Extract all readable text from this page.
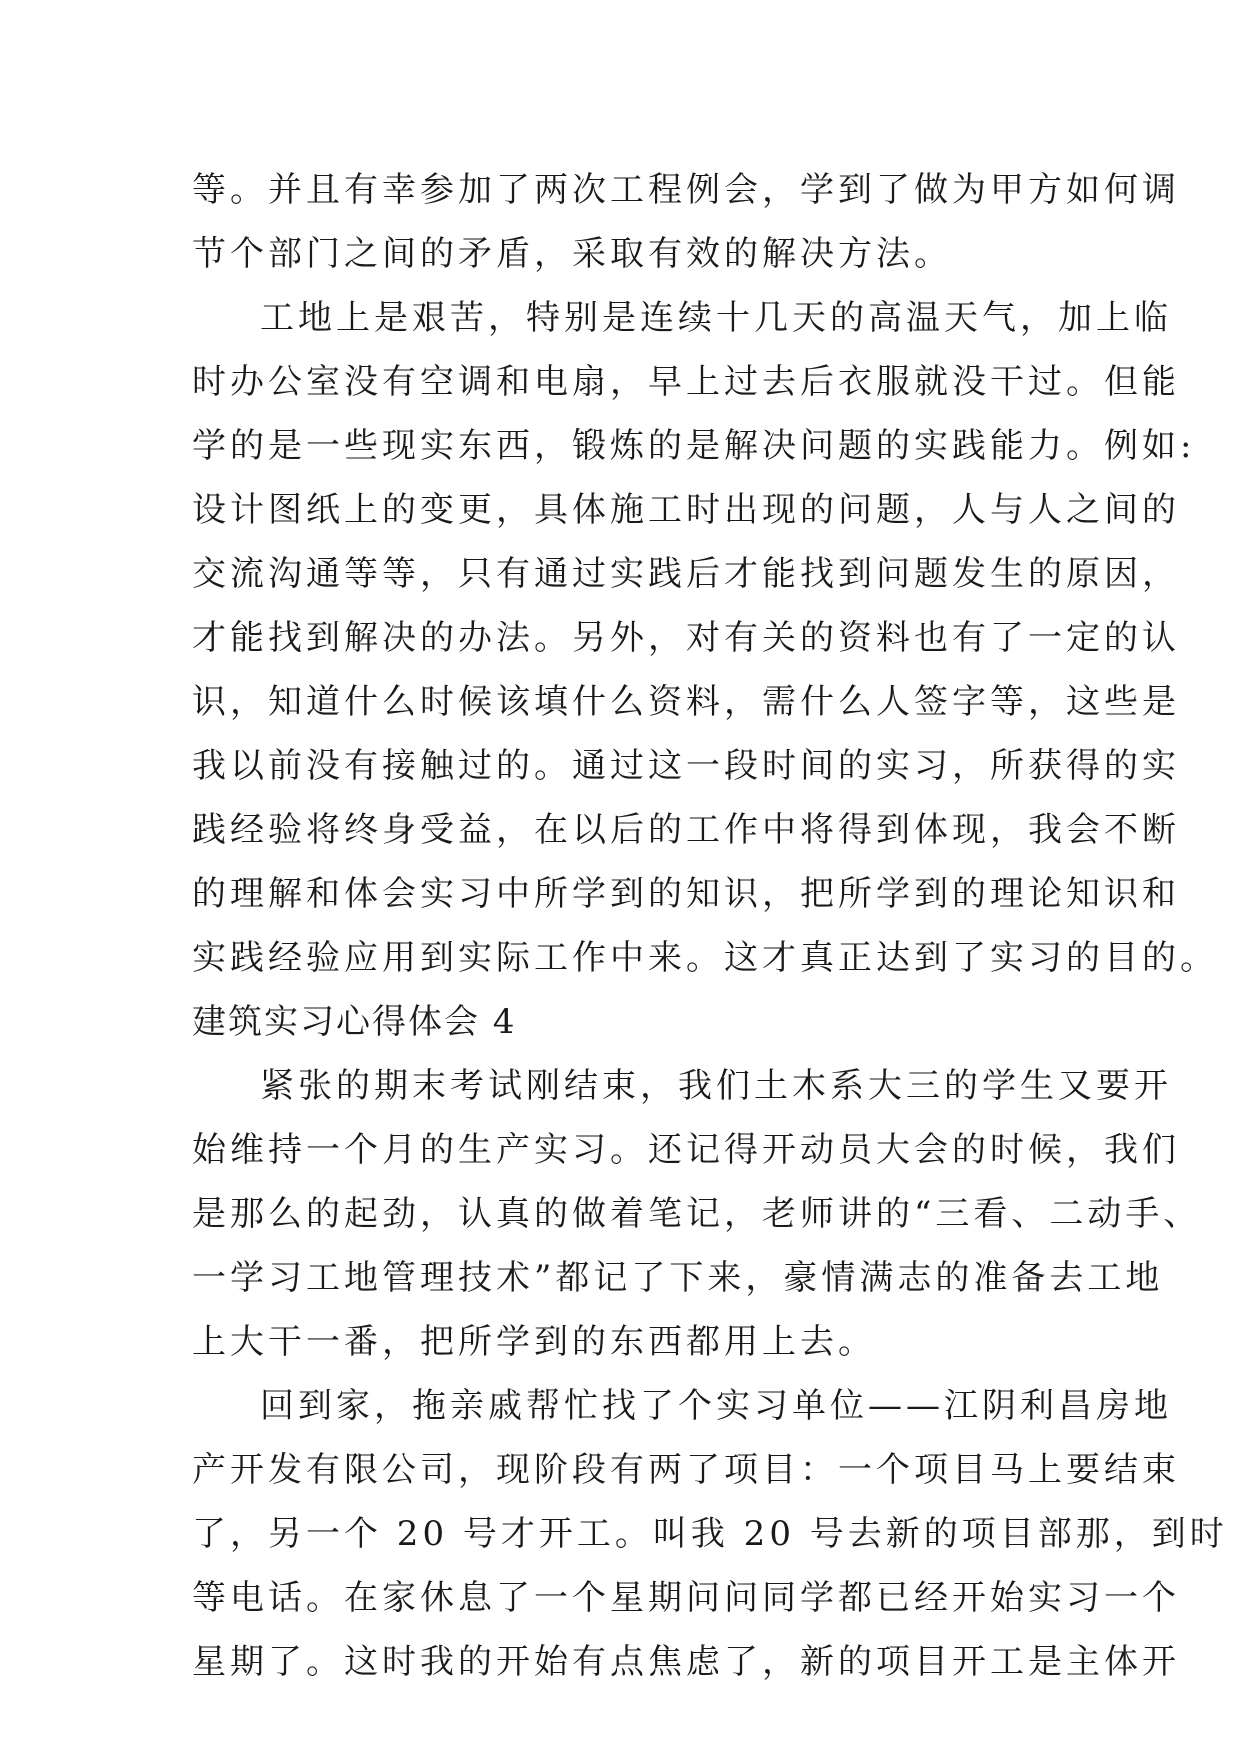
等。并且有幸参加了两次工程例会，学到了做为甲方如何调
节个部门之间的矛盾，采取有效的解决方法。
工地上是艰苦，特别是连续十几天的高温天气，加上临
时办公室没有空调和电扇，早上过去后衣服就没干过。但能
学的是一些现实东西，锻炼的是解决问题的实践能力。例如:
设计图纸上的变更，具体施工时出现的问题，人与人之间的
交流沟通等等，只有通过实践后才能找到问题发生的原因，
才能找到解决的办法。另外，对有关的资料也有了一定的认
识，知道什么时候该填什么资料，需什么人签字等，这些是
我以前没有接触过的。通过这一段时间的实习，所获得的实
践经验将终身受益，在以后的工作中将得到体现，我会不断
的理解和体会实习中所学到的知识，把所学到的理论知识和
实践经验应用到实际工作中来。这才真正达到了实习的目的。
建筑实习心得体会 4
紧张的期末考试刚结束，我们土木系大三的学生又要开
始维持一个月的生产实习。还记得开动员大会的时候，我们
是那么的起劲，认真的做着笔记，老师讲的“三看、二动手、
一学习工地管理技术”都记了下来，豪情满志的准备去工地
上大干一番，把所学到的东西都用上去。
回到家，拖亲戚帮忙找了个实习单位——江阴利昌房地
产开发有限公司，现阶段有两了项目：一个项目马上要结束
了，另一个 20 号才开工。叫我 20 号去新的项目部那，到时
等电话。在家休息了一个星期问问同学都已经开始实习一个
星期了。这时我的开始有点焦虑了，新的项目开工是主体开
